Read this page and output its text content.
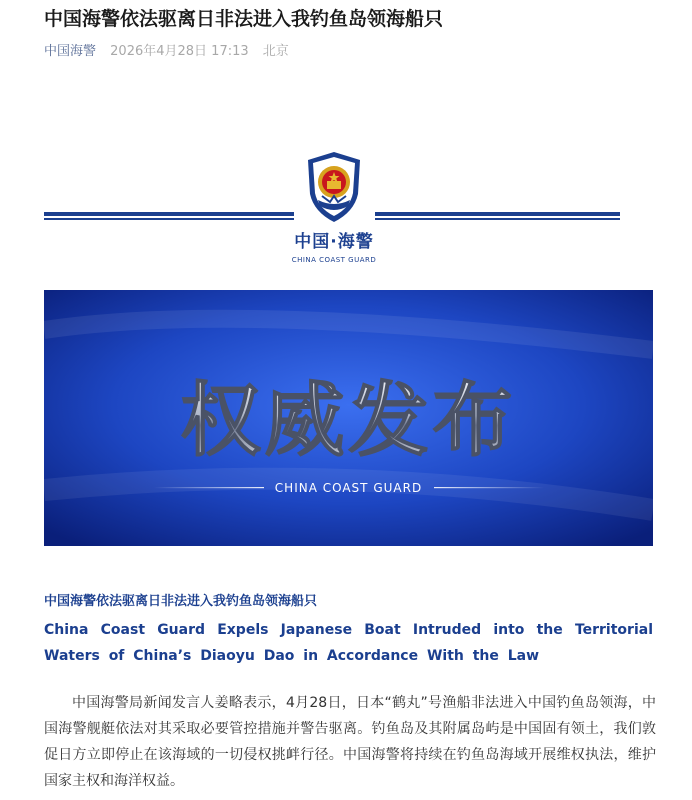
中国海警依法驱离日非法进入我钓鱼岛领海船只
中国海警 2026年4月28日 17:13 北京
中国·海警
CHINA COAST GUARD
权威发布
CHINA COAST GUARD
中国海警依法驱离日非法进入我钓鱼岛领海船只
China Coast Guard Expels Japanese Boat Intruded into the Territorial Waters of China’s Diaoyu Dao in Accordance With the Law

中国海警局新闻发言人姜略表示，4月28日，日本“鹤丸”号渔船非法进入中国钓鱼岛领海，中国海警舰艇依法对其采取必要管控措施并警告驱离。钓鱼岛及其附属岛屿是中国固有领土，我们敦促日方立即停止在该海域的一切侵权挑衅行径。中国海警将持续在钓鱼岛海域开展维权执法，维护国家主权和海洋权益。
